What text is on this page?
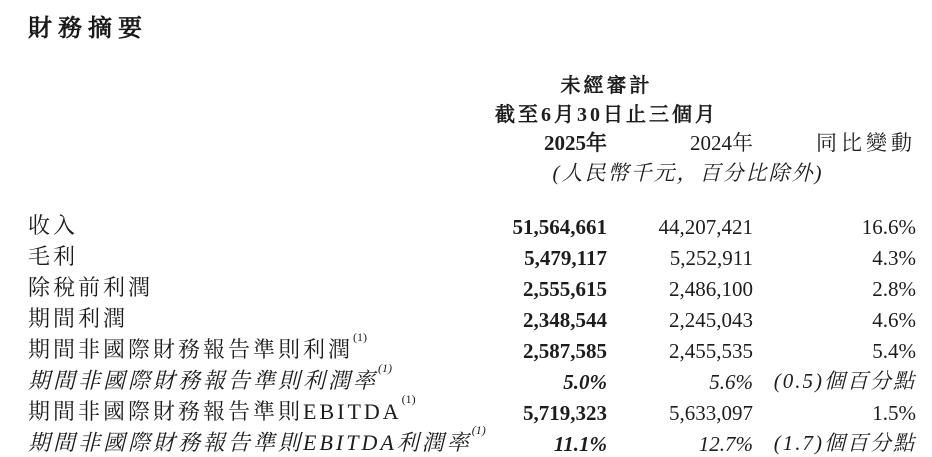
財務摘要
	未經審計		
	截至6月30日止三個月		
	2025年	2024年	同比變動
	(人民幣千元，百分比除外)		

收入	51,564,661	44,207,421	16.6%
毛利	5,479,117	5,252,911	4.3%
除稅前利潤	2,555,615	2,486,100	2.8%
期間利潤	2,348,544	2,245,043	4.6%
期間非國際財務報告準則利潤$^{(1)}$	2,587,585	2,455,535	5.4%
期間非國際財務報告準則利潤率$^{(1)}$	5.0%	5.6%	(0.5)個百分點
期間非國際財務報告準則EBITDA$^{(1)}$	5,719,323	5,633,097	1.5%
期間非國際財務報告準則EBITDA利潤率$^{(1)}$	11.1%	12.7%	(1.7)個百分點
